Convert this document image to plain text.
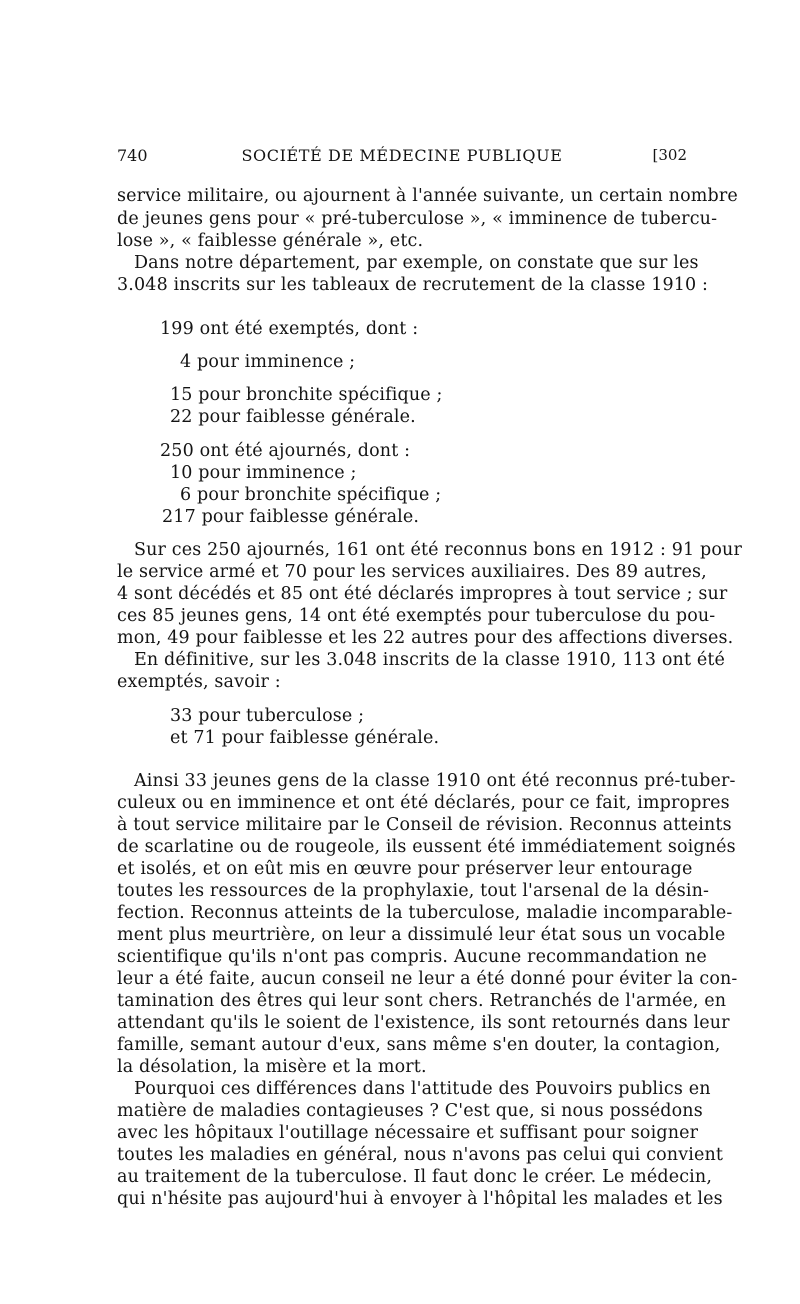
740	SOCIÉTÉ DE MÉDECINE PUBLIQUE	[302
service militaire, ou ajournent à l'année suivante, un certain nombre
de jeunes gens pour « pré-tuberculose », « imminence de tubercu-
lose », « faiblesse générale », etc.
Dans notre département, par exemple, on constate que sur les
3.048 inscrits sur les tableaux de recrutement de la classe 1910 :
199 ont été exemptés, dont :
4 pour imminence ;
15 pour bronchite spécifique ;
22 pour faiblesse générale.
250 ont été ajournés, dont :
10 pour imminence ;
6 pour bronchite spécifique ;
217 pour faiblesse générale.
Sur ces 250 ajournés, 161 ont été reconnus bons en 1912 : 91 pour
le service armé et 70 pour les services auxiliaires. Des 89 autres,
4 sont décédés et 85 ont été déclarés impropres à tout service ; sur
ces 85 jeunes gens, 14 ont été exemptés pour tuberculose du pou-
mon, 49 pour faiblesse et les 22 autres pour des affections diverses.
En définitive, sur les 3.048 inscrits de la classe 1910, 113 ont été
exemptés, savoir :
33 pour tuberculose ;
et 71 pour faiblesse générale.
Ainsi 33 jeunes gens de la classe 1910 ont été reconnus pré-tuber-
culeux ou en imminence et ont été déclarés, pour ce fait, impropres
à tout service militaire par le Conseil de révision. Reconnus atteints
de scarlatine ou de rougeole, ils eussent été immédiatement soignés
et isolés, et on eût mis en œuvre pour préserver leur entourage
toutes les ressources de la prophylaxie, tout l'arsenal de la désin-
fection. Reconnus atteints de la tuberculose, maladie incomparable-
ment plus meurtrière, on leur a dissimulé leur état sous un vocable
scientifique qu'ils n'ont pas compris. Aucune recommandation ne
leur a été faite, aucun conseil ne leur a été donné pour éviter la con-
tamination des êtres qui leur sont chers. Retranchés de l'armée, en
attendant qu'ils le soient de l'existence, ils sont retournés dans leur
famille, semant autour d'eux, sans même s'en douter, la contagion,
la désolation, la misère et la mort.
Pourquoi ces différences dans l'attitude des Pouvoirs publics en
matière de maladies contagieuses ? C'est que, si nous possédons
avec les hôpitaux l'outillage nécessaire et suffisant pour soigner
toutes les maladies en général, nous n'avons pas celui qui convient
au traitement de la tuberculose. Il faut donc le créer. Le médecin,
qui n'hésite pas aujourd'hui à envoyer à l'hôpital les malades et les
